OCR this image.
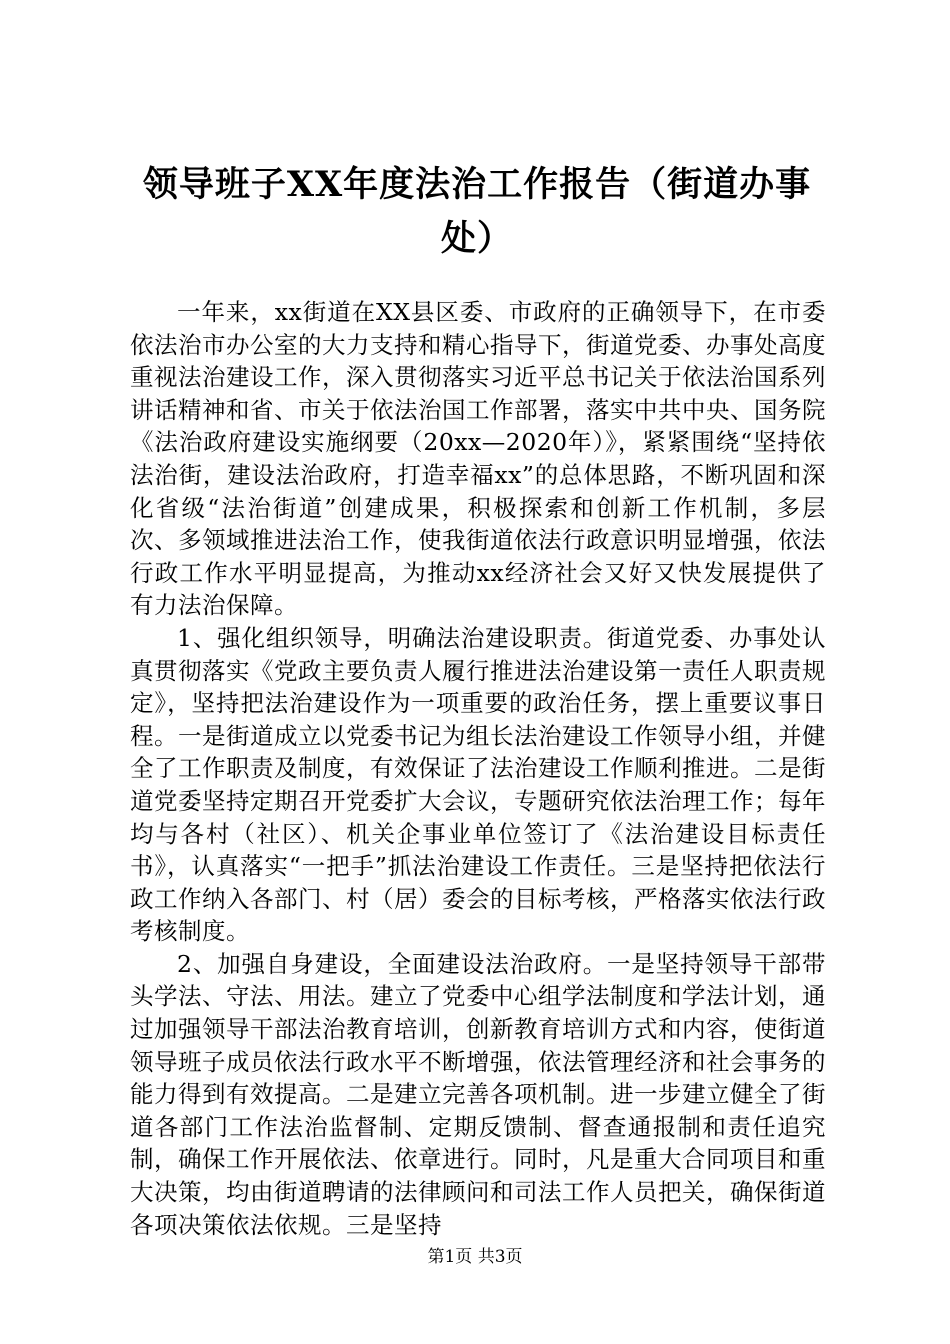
领导班子XX年度法治工作报告（街道办事处）

一年来，xx街道在XX县区委、市政府的正确领导下，在市委依法治市办公室的大力支持和精心指导下，街道党委、办事处高度重视法治建设工作，深入贯彻落实习近平总书记关于依法治国系列讲话精神和省、市关于依法治国工作部署，落实中共中央、国务院《法治政府建设实施纲要（20xx—2020年）》，紧紧围绕“坚持依法治街，建设法治政府，打造幸福xx”的总体思路，不断巩固和深化省级“法治街道”创建成果，积极探索和创新工作机制，多层次、多领域推进法治工作，使我街道依法行政意识明显增强，依法行政工作水平明显提高，为推动xx经济社会又好又快发展提供了有力法治保障。

1、强化组织领导，明确法治建设职责。街道党委、办事处认真贯彻落实《党政主要负责人履行推进法治建设第一责任人职责规定》，坚持把法治建设作为一项重要的政治任务，摆上重要议事日程。一是街道成立以党委书记为组长法治建设工作领导小组，并健全了工作职责及制度，有效保证了法治建设工作顺利推进。二是街道党委坚持定期召开党委扩大会议，专题研究依法治理工作；每年均与各村（社区）、机关企事业单位签订了《法治建设目标责任书》，认真落实“一把手”抓法治建设工作责任。三是坚持把依法行政工作纳入各部门、村（居）委会的目标考核，严格落实依法行政考核制度。

2、加强自身建设，全面建设法治政府。一是坚持领导干部带头学法、守法、用法。建立了党委中心组学法制度和学法计划，通过加强领导干部法治教育培训，创新教育培训方式和内容，使街道领导班子成员依法行政水平不断增强，依法管理经济和社会事务的能力得到有效提高。二是建立完善各项机制。进一步建立健全了街道各部门工作法治监督制、定期反馈制、督查通报制和责任追究制，确保工作开展依法、依章进行。同时，凡是重大合同项目和重大决策，均由街道聘请的法律顾问和司法工作人员把关，确保街道各项决策依法依规。三是坚持

第1页 共3页
